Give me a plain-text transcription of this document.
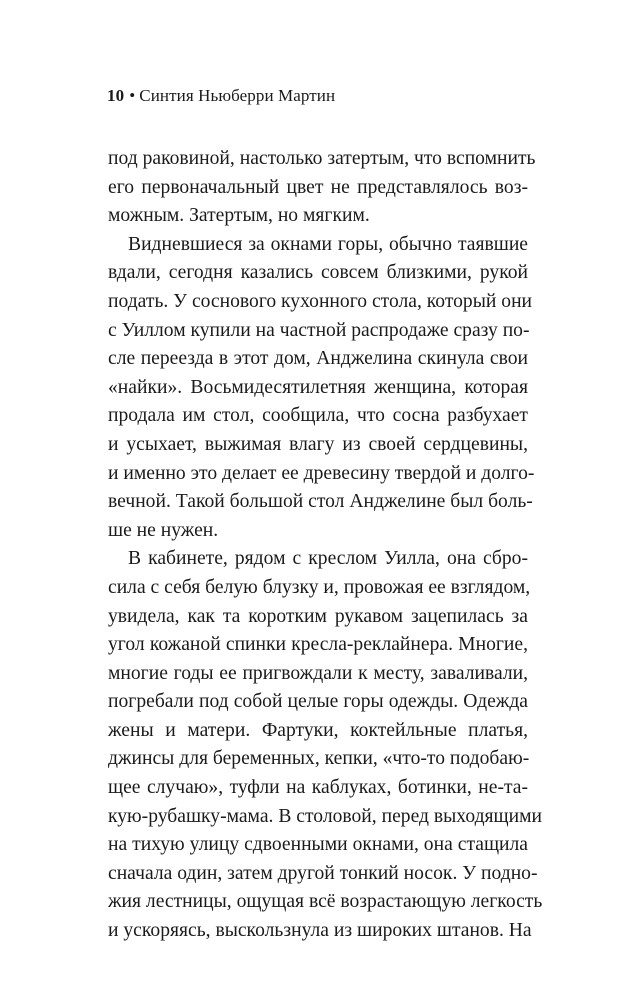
10 • Синтия Ньюберри Мартин
под раковиной, настолько затертым, что вспомнить
его первоначальный цвет не представлялось воз-
можным. Затертым, но мягким.
Видневшиеся за окнами горы, обычно таявшие
вдали, сегодня казались совсем близкими, рукой
подать. У соснового кухонного стола, который они
с Уиллом купили на частной распродаже сразу по-
сле переезда в этот дом, Анджелина скинула свои
«найки». Восьмидесятилетняя женщина, которая
продала им стол, сообщила, что сосна разбухает
и усыхает, выжимая влагу из своей сердцевины,
и именно это делает ее древесину твердой и долго-
вечной. Такой большой стол Анджелине был боль-
ше не нужен.
В кабинете, рядом с креслом Уилла, она сбро-
сила с себя белую блузку и, провожая ее взглядом,
увидела, как та коротким рукавом зацепилась за
угол кожаной спинки кресла-реклайнера. Многие,
многие годы ее пригвождали к месту, заваливали,
погребали под собой целые горы одежды. Одежда
жены и матери. Фартуки, коктейльные платья,
джинсы для беременных, кепки, «что-то подобаю-
щее случаю», туфли на каблуках, ботинки, не-та-
кую-рубашку-мама. В столовой, перед выходящими
на тихую улицу сдвоенными окнами, она стащила
сначала один, затем другой тонкий носок. У подно-
жия лестницы, ощущая всё возрастающую легкость
и ускоряясь, выскользнула из широких штанов. На
